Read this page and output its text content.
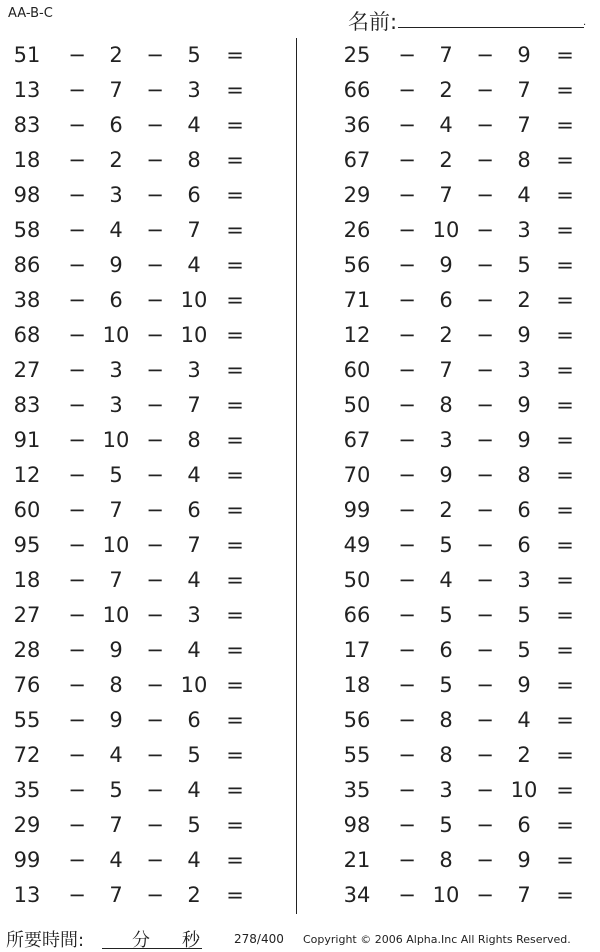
AA-B-C	名前:	.
51	−	2	−	5	=
13	−	7	−	3	=
83	−	6	−	4	=
18	−	2	−	8	=
98	−	3	−	6	=
58	−	4	−	7	=
86	−	9	−	4	=
38	−	6	− 10 =
68	− 10 − 10 =
27	−	3	−	3	=
83	−	3	−	7	=
91	− 10 −	8	=
12	−	5	−	4	=
60	−	7	−	6	=
95	− 10 −	7	=
18	−	7	−	4	=
27	− 10 −	3	=
28	−	9	−	4	=
76	−	8	− 10 =
55	−	9	−	6	=
72	−	4	−	5	=
35	−	5	−	4	=
29	−	7	−	5	=
99	−	4	−	4	=
13	−	7	−	2	=
25	−	7	−	9	=
66	−	2	−	7	=
36	−	4	−	7	=
67	−	2	−	8	=
29	−	7	−	4	=
26	− 10 −	3	=
56	−	9	−	5	=
71	−	6	−	2	=
12	−	2	−	9	=
60	−	7	−	3	=
50	−	8	−	9	=
67	−	3	−	9	=
70	−	9	−	8	=
99	−	2	−	6	=
49	−	5	−	6	=
50	−	4	−	3	=
66	−	5	−	5	=
17	−	6	−	5	=
18	−	5	−	9	=
56	−	8	−	4	=
55	−	8	−	2	=
35	−	3	− 10 =
98	−	5	−	6	=
21	−	8	−	9	=
34	− 10 −	7	=
所要時間:	分 秒	278/400 Copyright © 2006 Alpha.Inc All Rights Reserved.
